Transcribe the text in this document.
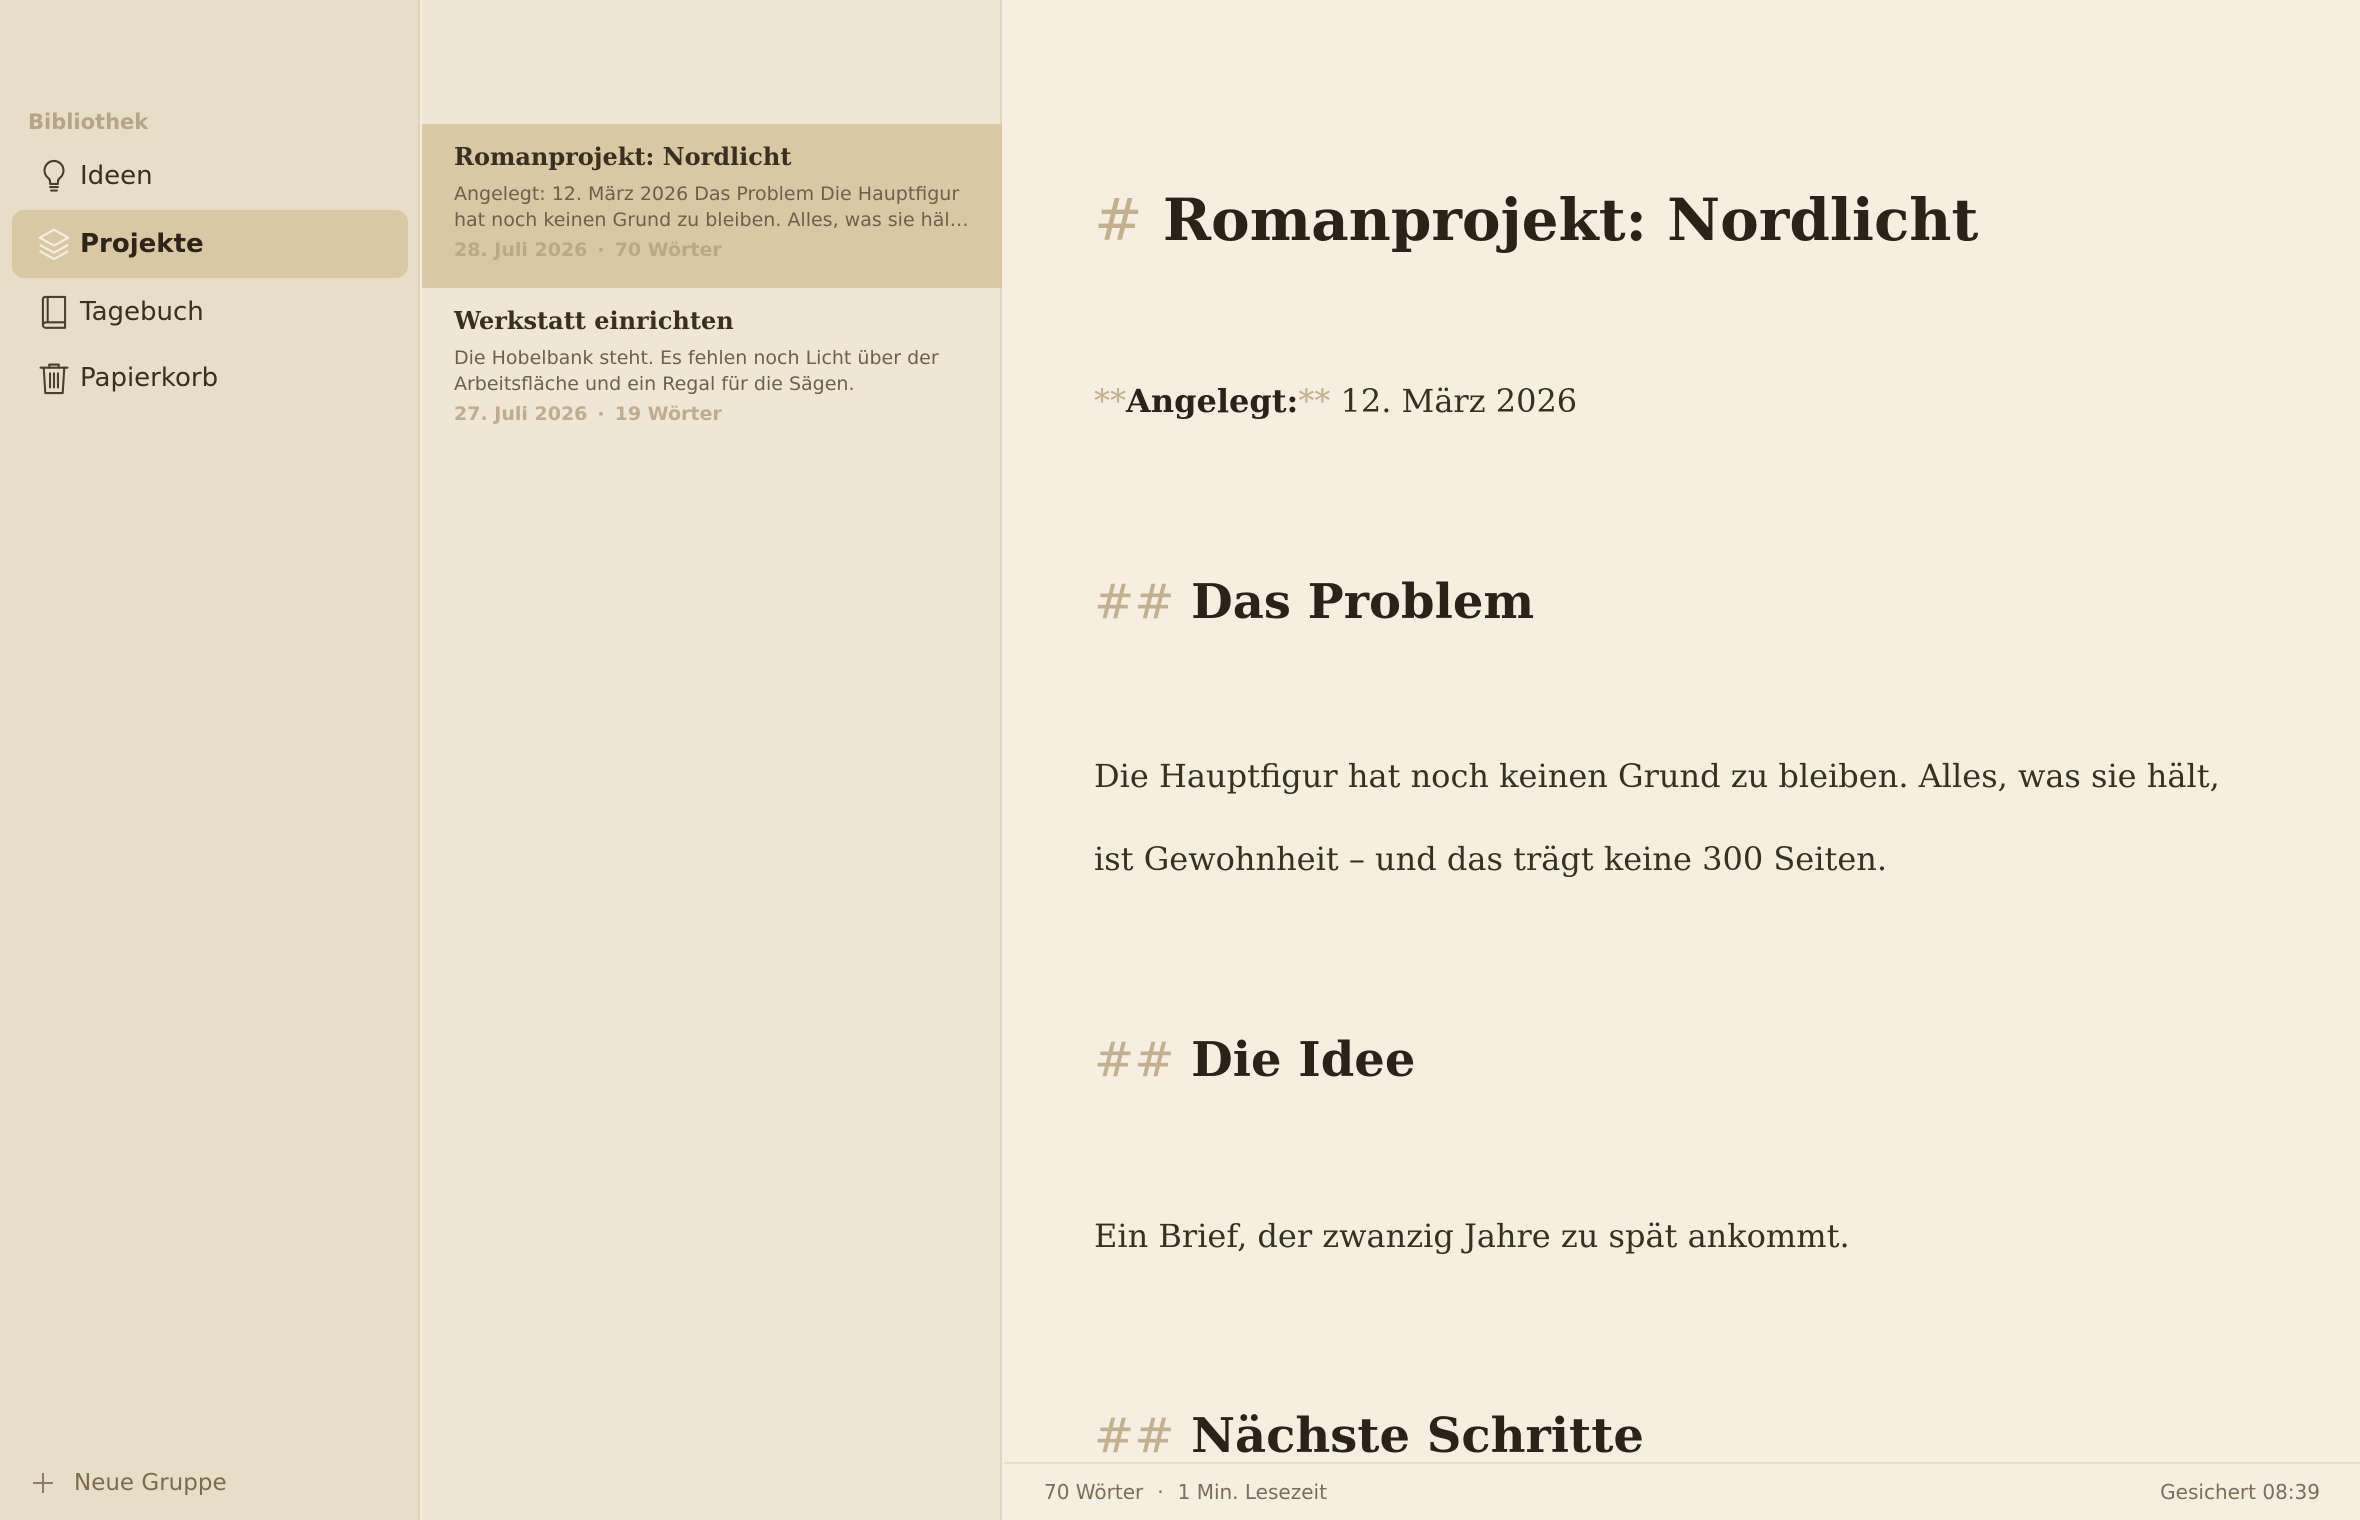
Bibliothek
Ideen
Projekte
Tagebuch
Papierkorb
Neue Gruppe
Romanprojekt: Nordlicht
Angelegt: 12. März 2026 Das Problem Die Hauptfigur hat noch keinen Grund zu bleiben. Alles, was sie hält,
28. Juli 2026 · 70 Wörter
Werkstatt einrichten
Die Hobelbank steht. Es fehlen noch Licht über der Arbeitsfläche und ein Regal für die Sägen.
27. Juli 2026 · 19 Wörter
# Romanprojekt: Nordlicht
**Angelegt:** 12. März 2026
## Das Problem
Die Hauptfigur hat noch keinen Grund zu bleiben. Alles, was sie hält,
ist Gewohnheit – und das trägt keine 300 Seiten.
## Die Idee
Ein Brief, der zwanzig Jahre zu spät ankommt.
## Nächste Schritte
70 Wörter · 1 Min. Lesezeit	Gesichert 08:39
